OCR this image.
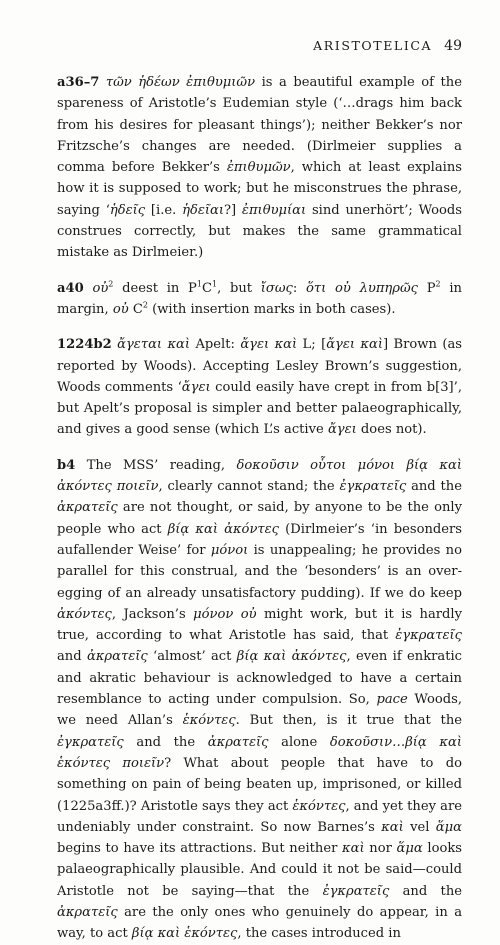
ARISTOTELICA 49

a36–7 τῶν ἡδέων ἐπιθυμιῶν is a beautiful example of the spareness of Aristotle’s Eudemian style (‘…drags him back from his desires for pleasant things’); neither Bekker’s nor Fritzsche’s changes are needed. (Dirlmeier supplies a comma before Bekker’s ἐπιθυμῶν, which at least explains how it is supposed to work; but he misconstrues the phrase, saying ‘ἡδεῖς [i.e. ἡδεῖαι?] ἐπιθυμίαι sind unerhört’; Woods construes correctly, but makes the same grammatical mistake as Dirlmeier.)

a40 οὐ$^2$ deest in $P^1C^1$, but ἴσως: ὅτι οὐ λυπηρῶς $P^2$ in margin, οὐ $C^2$ (with insertion marks in both cases).

1224b2 ἄγεται καὶ Apelt: ἄγει καὶ L; [ἄγει καὶ] Brown (as reported by Woods). Accepting Lesley Brown’s suggestion, Woods comments ‘ἄγει could easily have crept in from b[3]’, but Apelt’s proposal is simpler and better palaeographically, and gives a good sense (which L’s active ἄγει does not).

b4 The MSS’ reading, δοκοῦσιν οὗτοι μόνοι βίᾳ καὶ ἀκόντες ποιεῖν, clearly cannot stand; the ἐγκρατεῖς and the ἀκρατεῖς are not thought, or said, by anyone to be the only people who act βίᾳ καὶ ἀκόντες (Dirlmeier’s ‘in besonders aufallender Weise’ for μόνοι is unappealing; he provides no parallel for this construal, and the ‘besonders’ is an over-egging of an already unsatisfactory pudding). If we do keep ἀκόντες, Jackson’s μόνον οὐ might work, but it is hardly true, according to what Aristotle has said, that ἐγκρατεῖς and ἀκρατεῖς ‘almost’ act βίᾳ καὶ ἀκόντες, even if enkratic and akratic behaviour is acknowledged to have a certain resemblance to acting under compulsion. So, pace Woods, we need Allan’s ἑκόντες. But then, is it true that the ἐγκρατεῖς and the ἀκρατεῖς alone δοκοῦσιν…βίᾳ καὶ ἑκόντες ποιεῖν? What about people that have to do something on pain of being beaten up, imprisoned, or killed (1225a3ff.)? Aristotle says they act ἑκόντες, and yet they are undeniably under constraint. So now Barnes’s καὶ vel ἅμα begins to have its attractions. But neither καὶ nor ἅμα looks palaeographically plausible. And could it not be said—could Aristotle not be saying—that the ἐγκρατεῖς and the ἀκρατεῖς are the only ones who genuinely do appear, in a way, to act βίᾳ καὶ ἑκόντες, the cases introduced in
